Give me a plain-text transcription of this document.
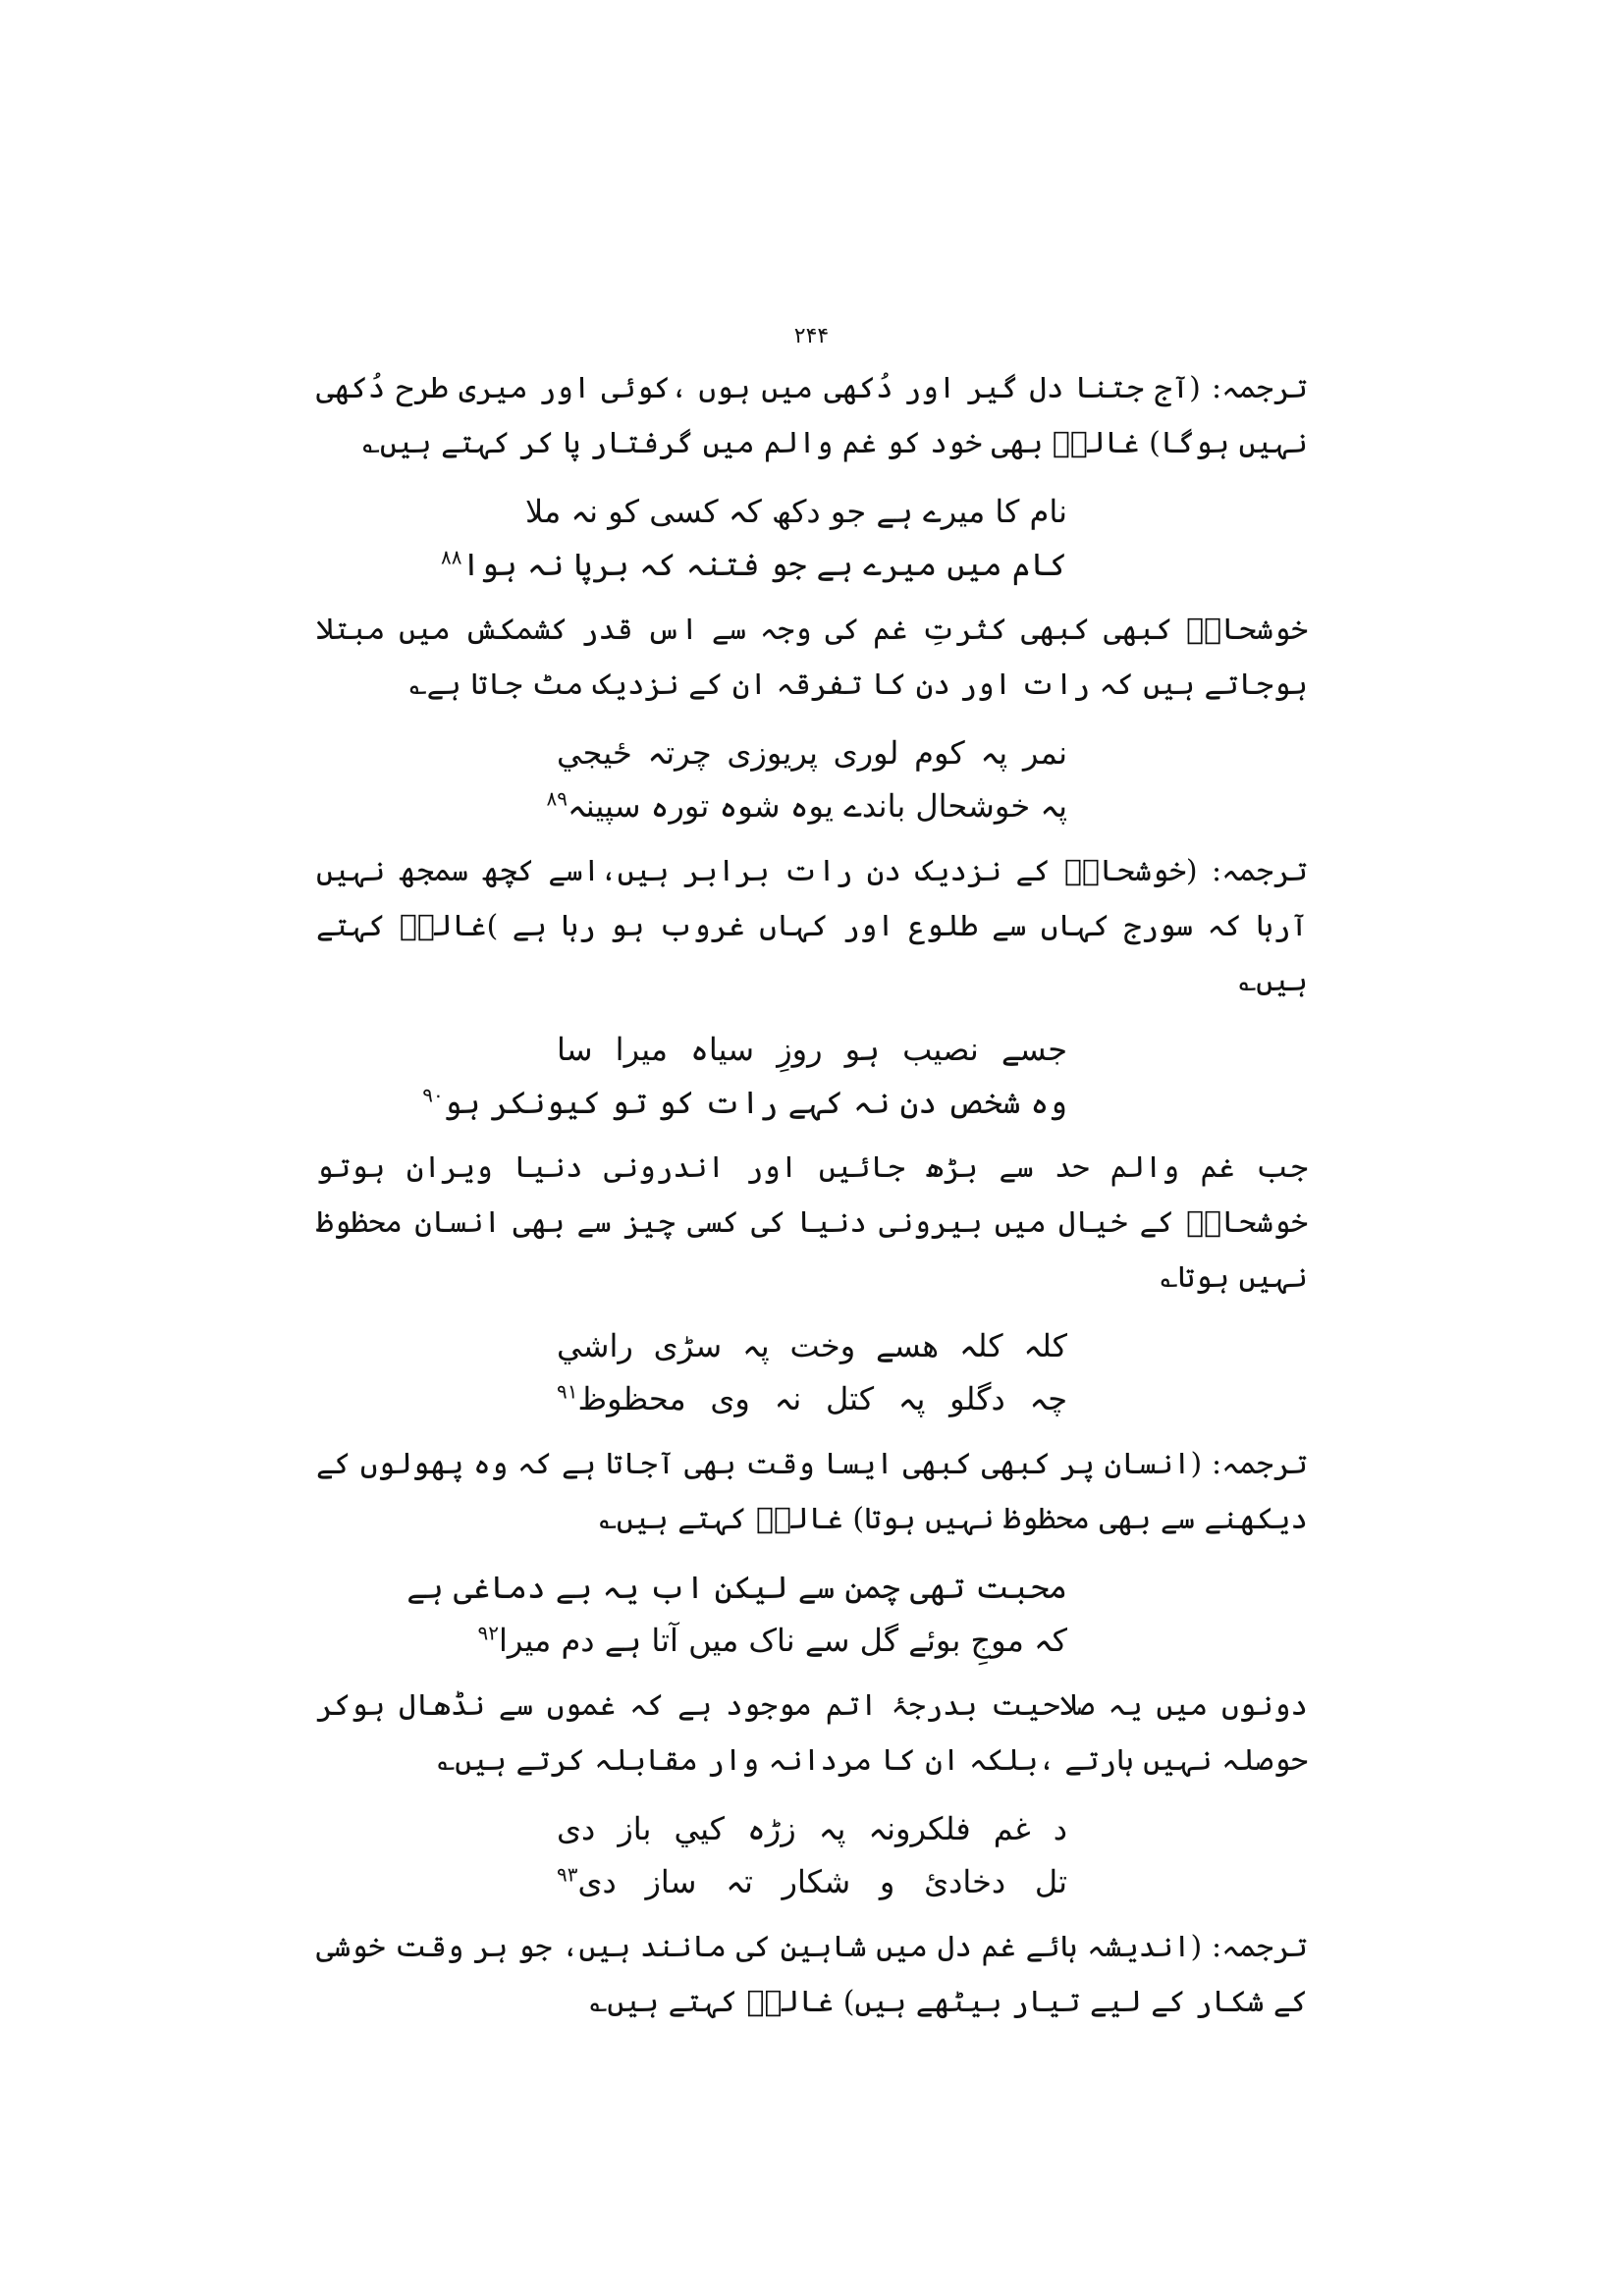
۲۴۴

ترجمہ: (آج جتنا دل گیر اور دُکھی میں ہوں ،کوئی اور میری طرح دُکھی نہیں ہوگا) غالبؔ بھی خود کو غم والم میں گرفتار پا کر کہتے ہیں؎

نام کا میرے ہے جو دکھ کہ کسی کو نہ ملا
کام میں میرے ہے جو فتنہ کہ برپا نہ ہوا$^{۸۸}$

خوشحالؔ کبھی کبھی کثرتِ غم کی وجہ سے اس قدر کشمکش میں مبتلا ہوجاتے ہیں کہ رات اور دن کا تفرقہ ان کے نزدیک مٹ جاتا ہے؎

نمر پہ کوم لوری پریوزی چرتہ ځیجي
پہ خوشحال باندے یوہ شوہ تورہ سپینہ$^{۸۹}$

ترجمہ: (خوشحالؔ کے نزدیک دن رات برابر ہیں،اسے کچھ سمجھ نہیں آرہا کہ سورج کہاں سے طلوع اور کہاں غروب ہو رہا ہے )غالبؔ کہتے ہیں؎

جسے نصیب ہو روزِ سیاہ میرا سا
وہ شخص دن نہ کہے رات کو تو کیونکر ہو$^{۹۰}$

جب غم والم حد سے بڑھ جائیں اور اندرونی دنیا ویران ہوتو خوشحالؔ کے خیال میں بیرونی دنیا کی کسی چیز سے بھی انسان محظوظ نہیں ہوتا؎

کلہ کلہ ھسے وخت پہ سڑی راشي
چہ دگلو پہ کتل نہ وی محظوظ$^{۹۱}$

ترجمہ: (انسان پر کبھی کبھی ایسا وقت بھی آجاتا ہے کہ وہ پھولوں کے دیکھنے سے بھی محظوظ نہیں ہوتا) غالبؔ کہتے ہیں؎

محبت تھی چمن سے لیکن اب یہ بے دماغی ہے
کہ موجِ بوئے گل سے ناک میں آتا ہے دم میرا$^{۹۲}$

دونوں میں یہ صلاحیت بدرجۂ اتم موجود ہے کہ غموں سے نڈھال ہوکر حوصلہ نہیں ہارتے ،بلکہ ان کا مردانہ وار مقابلہ کرتے ہیں؎

د غم فلکرونہ پہ زڑہ کیي باز دی
تل دخادئ و شکار تہ ساز دی$^{۹۳}$

ترجمہ: (اندیشہ ہائے غم دل میں شاہین کی مانند ہیں، جو ہر وقت خوشی کے شکار کے لیے تیار بیٹھے ہیں) غالبؔ کہتے ہیں؎
